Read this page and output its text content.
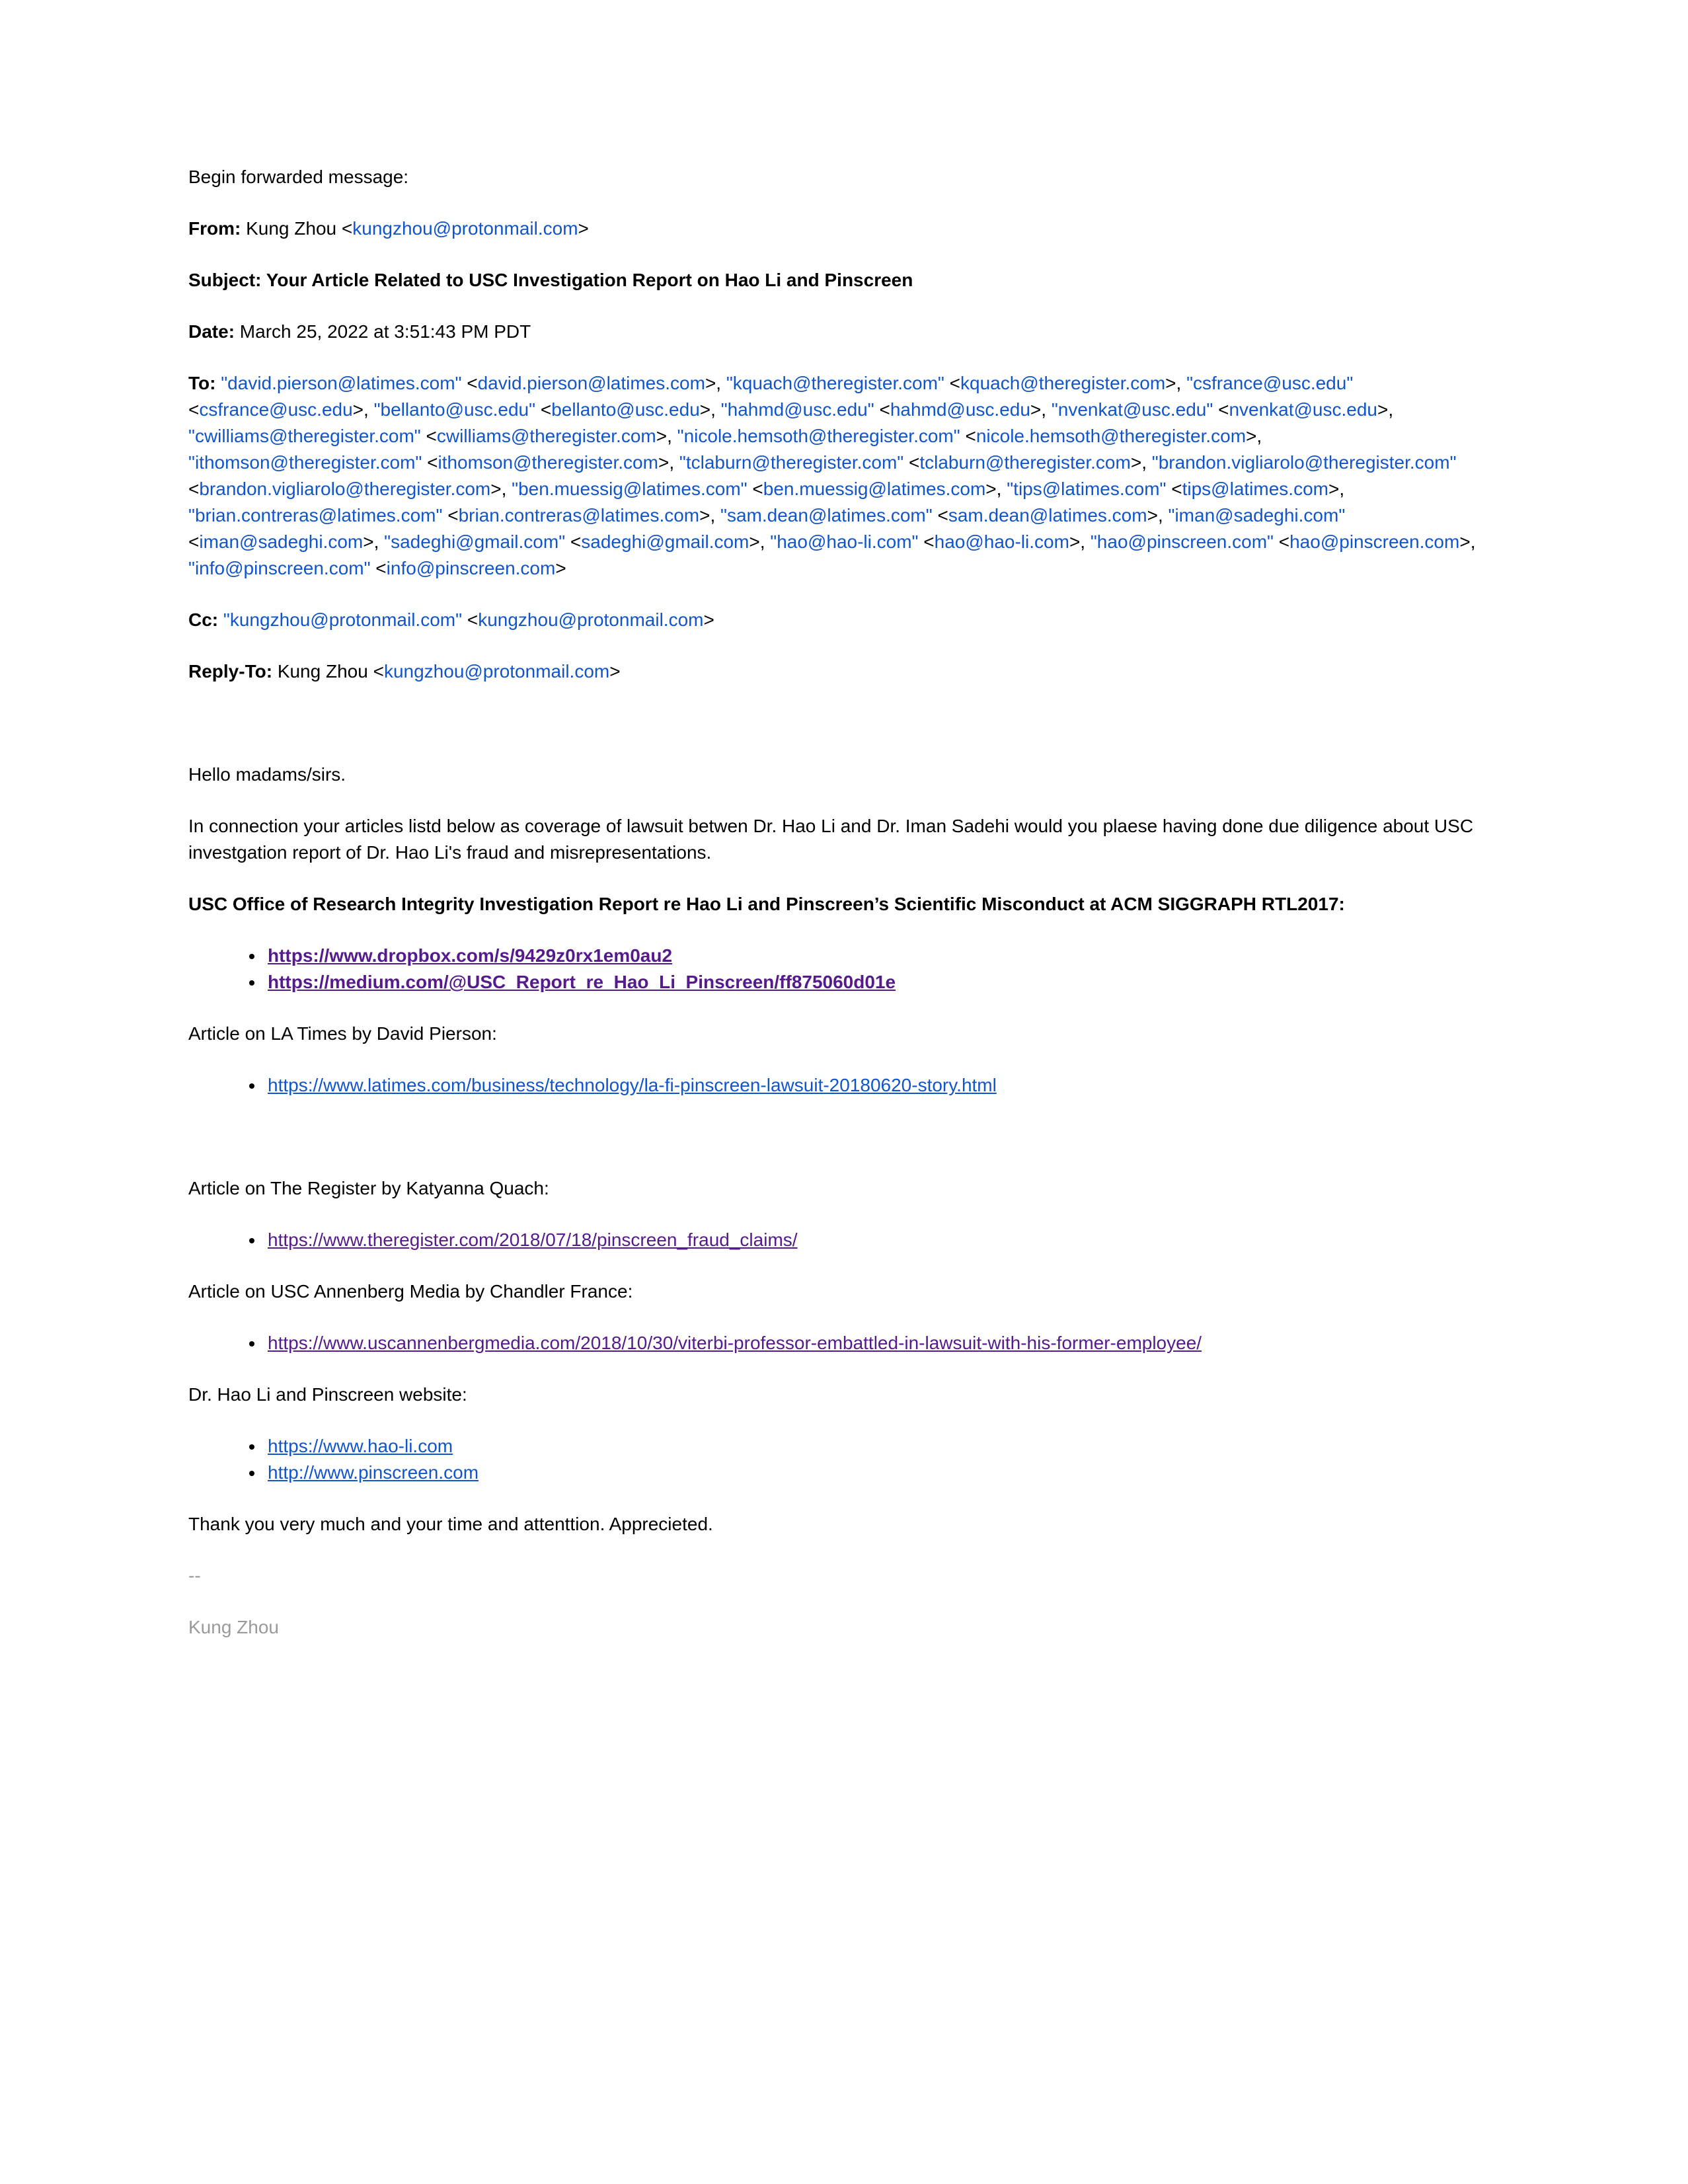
Begin forwarded message:

From: Kung Zhou <kungzhou@protonmail.com>

Subject: Your Article Related to USC Investigation Report on Hao Li and Pinscreen

Date: March 25, 2022 at 3:51:43 PM PDT

To: "david.pierson@latimes.com" <david.pierson@latimes.com>, "kquach@theregister.com" <kquach@theregister.com>, "csfrance@usc.edu" <csfrance@usc.edu>, "bellanto@usc.edu" <bellanto@usc.edu>, "hahmd@usc.edu" <hahmd@usc.edu>, "nvenkat@usc.edu" <nvenkat@usc.edu>, "cwilliams@theregister.com" <cwilliams@theregister.com>, "nicole.hemsoth@theregister.com" <nicole.hemsoth@theregister.com>, "ithomson@theregister.com" <ithomson@theregister.com>, "tclaburn@theregister.com" <tclaburn@theregister.com>, "brandon.vigliarolo@theregister.com" <brandon.vigliarolo@theregister.com>, "ben.muessig@latimes.com" <ben.muessig@latimes.com>, "tips@latimes.com" <tips@latimes.com>, "brian.contreras@latimes.com" <brian.contreras@latimes.com>, "sam.dean@latimes.com" <sam.dean@latimes.com>, "iman@sadeghi.com" <iman@sadeghi.com>, "sadeghi@gmail.com" <sadeghi@gmail.com>, "hao@hao-li.com" <hao@hao-li.com>, "hao@pinscreen.com" <hao@pinscreen.com>, "info@pinscreen.com" <info@pinscreen.com>

Cc: "kungzhou@protonmail.com" <kungzhou@protonmail.com>

Reply-To: Kung Zhou <kungzhou@protonmail.com>

Hello madams/sirs.

In connection your articles listd below as coverage of lawsuit betwen Dr. Hao Li and Dr. Iman Sadehi would you plaese having done due diligence about USC investgation report of Dr. Hao Li's fraud and misrepresentations.

USC Office of Research Integrity Investigation Report re Hao Li and Pinscreen’s Scientific Misconduct at ACM SIGGRAPH RTL2017:

• https://www.dropbox.com/s/9429z0rx1em0au2
• https://medium.com/@USC_Report_re_Hao_Li_Pinscreen/ff875060d01e

Article on LA Times by David Pierson:

• https://www.latimes.com/business/technology/la-fi-pinscreen-lawsuit-20180620-story.html

Article on The Register by Katyanna Quach:

• https://www.theregister.com/2018/07/18/pinscreen_fraud_claims/

Article on USC Annenberg Media by Chandler France:

• https://www.uscannenbergmedia.com/2018/10/30/viterbi-professor-embattled-in-lawsuit-with-his-former-employee/

Dr. Hao Li and Pinscreen website:

• https://www.hao-li.com
• http://www.pinscreen.com

Thank you very much and your time and attenttion. Apprecieted.

--

Kung Zhou
